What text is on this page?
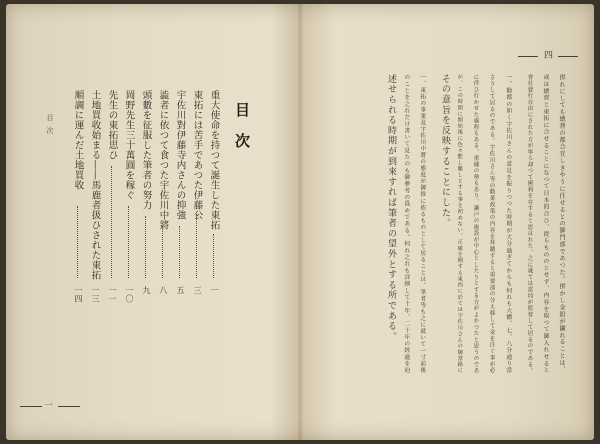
目次
重大使命を持つて誕生した東拓
一
東拓には苦手であつた伊藤公
三
宇佐川對伊藤寺内さんの抑強
五
澁者に依つて食つた宇佐川中將
八
頭數を征服した筆者の努力
九
岡野先生三十萬圓を稼ぐ
一〇
先生の東拓思ひ
一一
土地買收始まる――馬鹿者扱ひされた東拓
一三
順調に運んだ土地買收
一四
目次
一
四
併れにしても總督の都合宜しきやうに任せるとの御門部であつた。併かし金鉛が鑛れることは、
或は總督と東拓に合せることになつて日本的合ひ、從らもののとせず、内容を取つて御入れせると
會社發行自由にされた方が寧ろ却つて國利を存すると思はれた。之に就ては當局が監督して居るのである。
一、勸都の如く宇佐川さんの意見を振りつつた時期が大分過ぎてからも何れも大體、七、八分通り當
さうして居るのである。宇佐川さん等の勸業政策の内容を拜聽すると重要部の分え移して金を注ぐ事が必
に伴ひ行かせた處程もある。重種の勢もあり、瀬戸の施設が中心としたりとする方がよかつたと思うのであ
が、この時期に開始後に色々能し難しとする事を初めない。正確を期する東西に於ては宇佐川さんの御當路に
その意旨を反映することにした。
一、東拓の事業及宇佐川中將の態度が御推に依るものとして居ることは、筆者等も之に就いて一寸前後
のことを之れだけ書いて見たのも御參考の爲めである。何れ之れも詳細して十年、二十年の經過を迫
述せられる時期が到來すれば筆者の望外とする所である。
